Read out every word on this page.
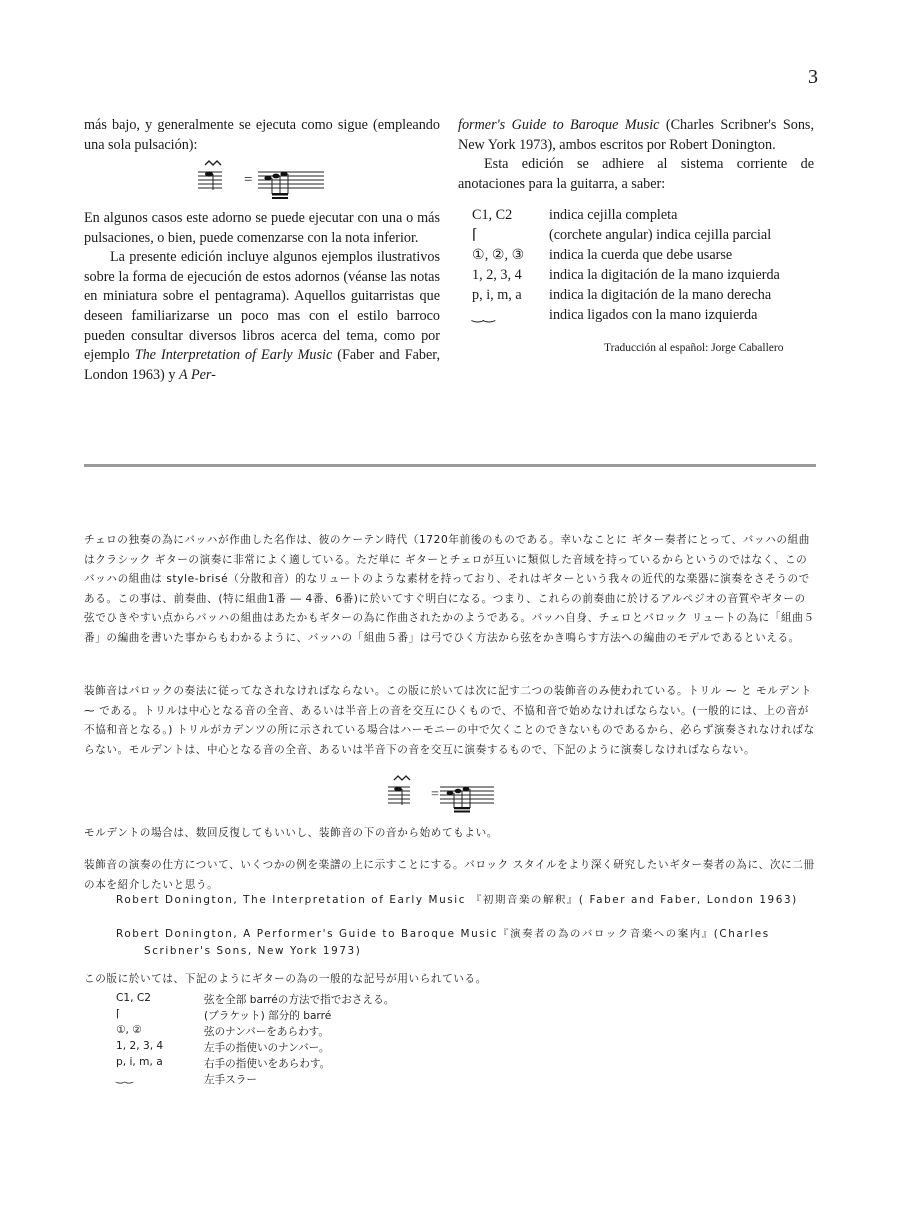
3

más bajo, y generalmente se ejecuta como sigue (empleando una sola pulsación):

=

En algunos casos este adorno se puede ejecutar con una o más pulsaciones, o bien, puede comenzarse con la nota inferior.

La presente edición incluye algunos ejemplos ilustrativos sobre la forma de ejecución de estos adornos (véanse las notas en miniatura sobre el pentagrama). Aquellos guitarristas que deseen familiarizarse un poco mas con el estilo barroco pueden consultar diversos libros acerca del tema, como por ejemplo The Interpretation of Early Music (Faber and Faber, London 1963) y A Per-

former's Guide to Baroque Music (Charles Scribner's Sons, New York 1973), ambos escritos por Robert Donington.

Esta edición se adhiere al sistema corriente de anotaciones para la guitarra, a saber:

C1, C2	indica cejilla completa
⌈	(corchete angular) indica cejilla parcial
①, ②, ③ indica la cuerda que debe usarse
1, 2, 3, 4 indica la digitación de la mano izquierda
p, i, m, a indica la digitación de la mano derecha
‿‿	indica ligados con la mano izquierda
Traducción al español: Jorge Caballero

チェロの独奏の為にバッハが作曲した名作は、彼のケーテン時代（1720年前後のものである。幸いなことに ギター奏者にとって、バッハの組曲はクラシック ギターの演奏に非常によく適している。ただ単に ギターとチェロが互いに類似した音域を持っているからというのではなく、このバッハの組曲は style-brisé（分散和音）的なリュートのような素材を持っており、それはギターという我々の近代的な楽器に演奏をさそうのである。この事は、前奏曲、(特に組曲1番 ― 4番、6番)に於いてすぐ明白になる。つまり、これらの前奏曲に於けるアルペジオの音質やギターの弦でひきやすい点からバッハの組曲はあたかもギターの為に作曲されたかのようである。バッハ自身、チェロとバロック リュートの為に「組曲５番」の編曲を書いた事からもわかるように、バッハの「組曲５番」は弓でひく方法から弦をかき鳴らす方法への編曲のモデルであるといえる。

装飾音はバロックの奏法に従ってなされなければならない。この版に於いては次に記す二つの装飾音のみ使われている。トリル ⁓ と モルデント ⁓ である。トリルは中心となる音の全音、あるいは半音上の音を交互にひくもので、不協和音で始めなければならない。(一般的には、上の音が不協和音となる。) トリルがカデンツの所に示されている場合はハーモニーの中で欠くことのできないものであるから、必らず演奏されなければならない。モルデントは、中心となる音の全音、あるいは半音下の音を交互に演奏するもので、下記のように演奏しなければならない。

=

モルデントの場合は、数回反復してもいいし、装飾音の下の音から始めてもよい。

装飾音の演奏の仕方について、いくつかの例を楽譜の上に示すことにする。バロック スタイルをより深く研究したいギター奏者の為に、次に二冊の本を紹介したいと思う。

Robert Donington, The Interpretation of Early Music 『初期音楽の解釈』( Faber and Faber, London 1963)
Robert Donington, A Performer's Guide to Baroque Music『演奏者の為のバロック音楽への案内』(Charles Scribner's Sons, New York 1973)

この版に於いては、下記のようにギターの為の一般的な記号が用いられている。

C1, C2	弦を全部 barréの方法で指でおさえる。
⌈	(ブラケット) 部分的 barré
①, ②	弦のナンバーをあらわす。
1, 2, 3, 4	左手の指使いのナンバー。
p, i, m, a	右手の指使いをあらわす。
‿‿	左手スラー
